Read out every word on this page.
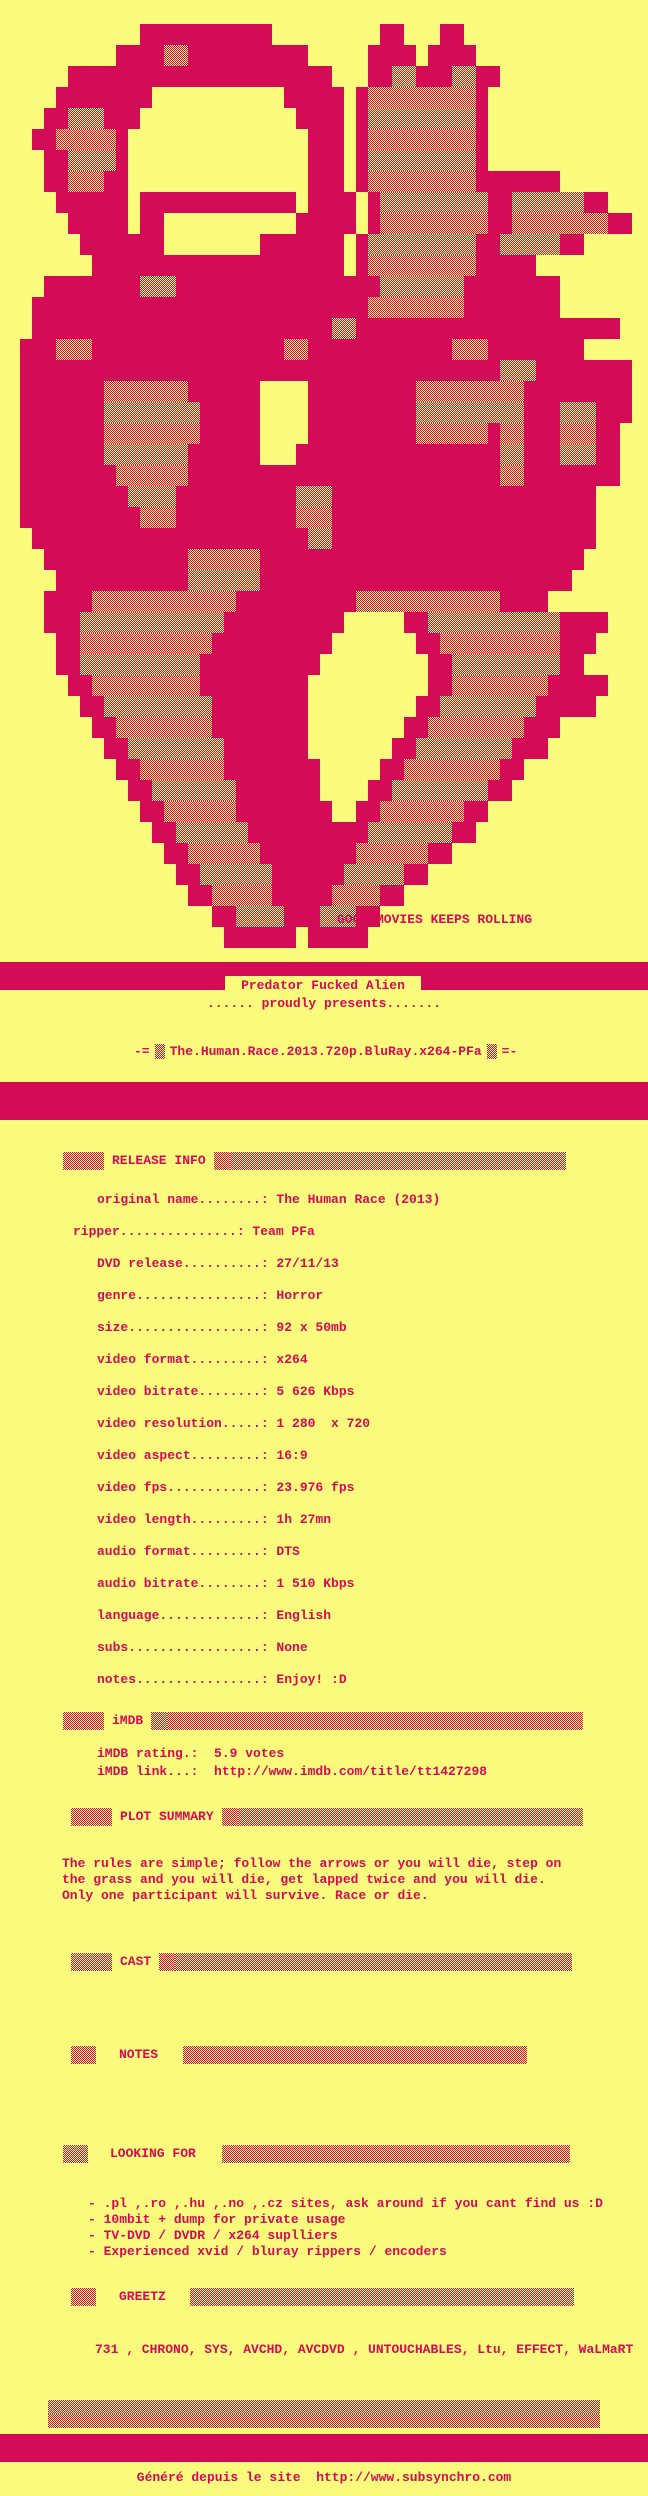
GOOD MOVIES KEEPS ROLLING
Predator Fucked Alien
...... proudly presents.......
-= The.Human.Race.2013.720p.BluRay.x264-PFa =-
RELEASE INFO
iMDB
iMDB rating.:  5.9 votes
iMDB link...:  http://www.imdb.com/title/tt1427298
PLOT SUMMARY
CAST
NOTES
LOOKING FOR
GREETZ
731 , CHRONO, SYS, AVCHD, AVCDVD , UNTOUCHABLES, Ltu, EFFECT, WaLMaRT
Généré depuis le site  http://www.subsynchro.com
original name........: The Human Race (2013)
ripper...............: Team PFa
DVD release..........: 27/11/13
genre................: Horror
size.................: 92 x 50mb
video format.........: x264
video bitrate........: 5 626 Kbps
video resolution.....: 1 280  x 720
video aspect.........: 16:9
video fps............: 23.976 fps
video length.........: 1h 27mn
audio format.........: DTS
audio bitrate........: 1 510 Kbps
language.............: English
subs.................: None
notes................: Enjoy! :D
The rules are simple; follow the arrows or you will die, step on
the grass and you will die, get lapped twice and you will die.
Only one participant will survive. Race or die.
- .pl ,.ro ,.hu ,.no ,.cz sites, ask around if you cant find us :D
- 10mbit + dump for private usage
- TV-DVD / DVDR / x264 suplliers
- Experienced xvid / bluray rippers / encoders
